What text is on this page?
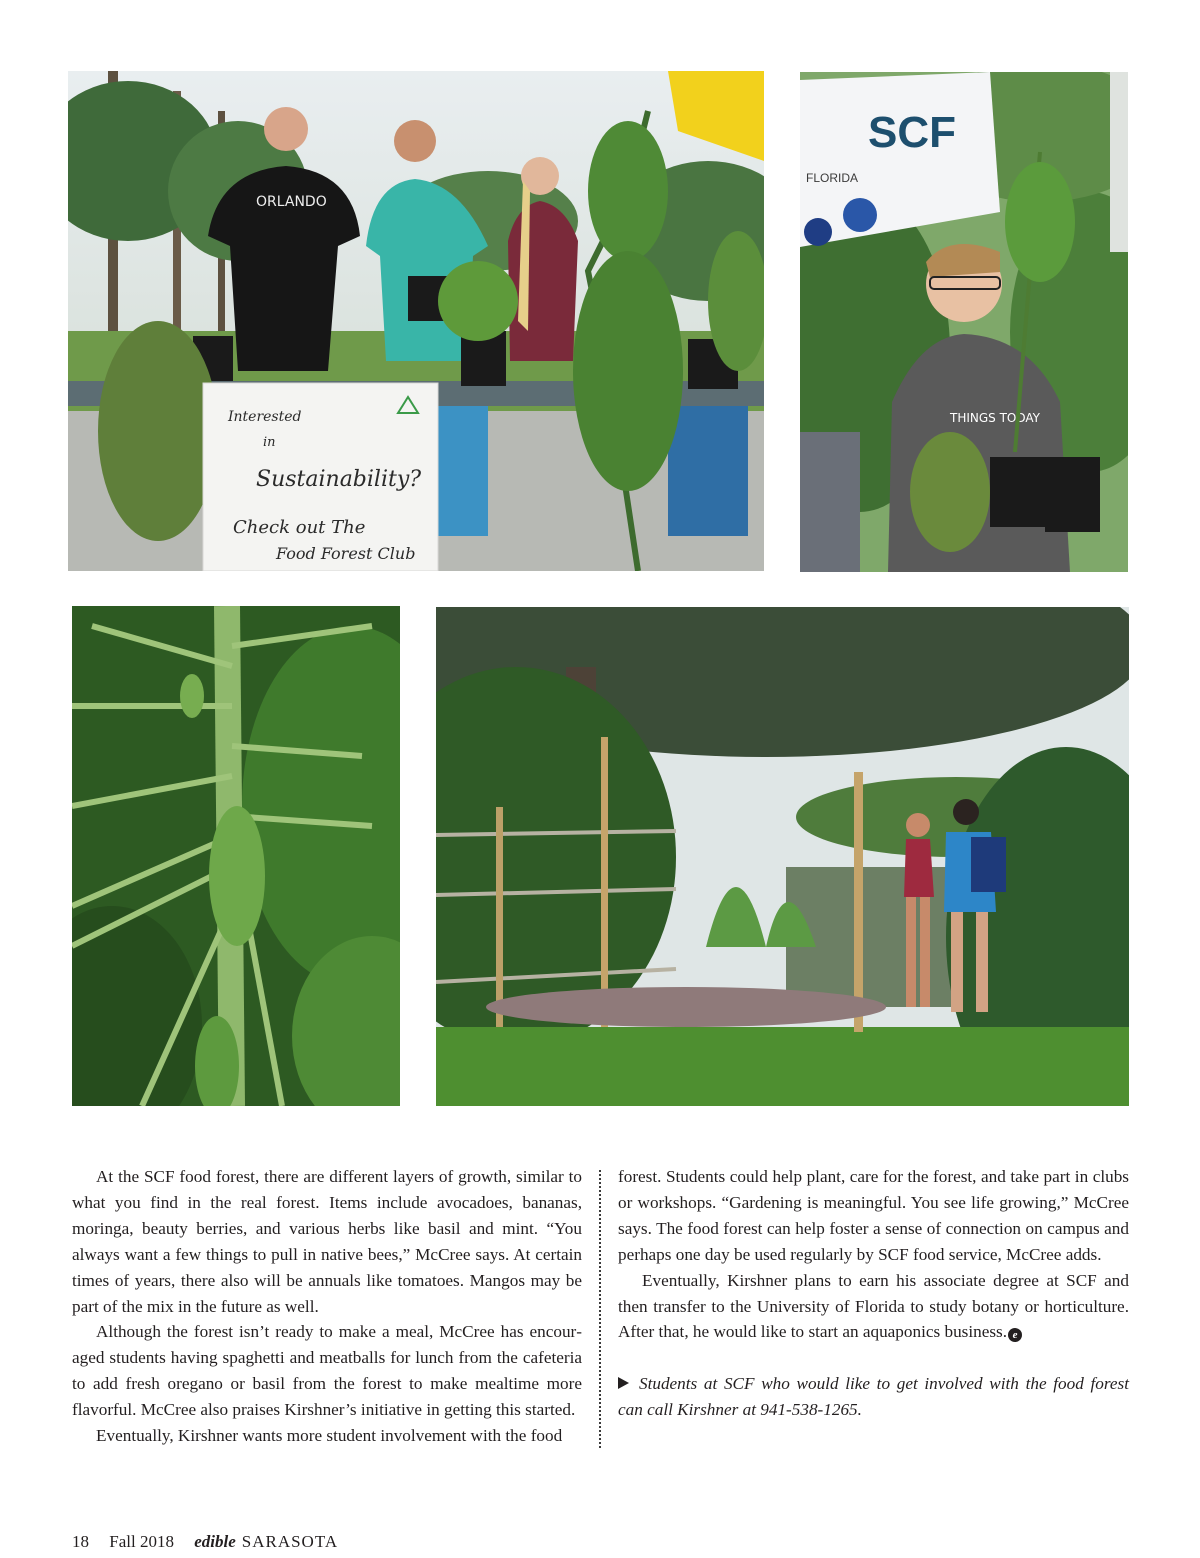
ORLANDO
Interested
in
Sustainability?
Check out The
Food Forest Club
SCF
FLORIDA
THINGS TODAY

At the SCF food forest, there are different layers of growth, similar to what you find in the real forest. Items include avocadoes, bananas, moringa, beauty berries, and various herbs like basil and mint. “You always want a few things to pull in native bees,” McCree says. At certain times of years, there also will be annuals like tomatoes. Mangos may be part of the mix in the future as well.

Although the forest isn’t ready to make a meal, McCree has encouraged students having spaghetti and meatballs for lunch from the cafeteria to add fresh oregano or basil from the forest to make mealtime more flavorful. McCree also praises Kirshner’s initiative in getting this started.

Eventually, Kirshner wants more student involvement with the food

forest. Students could help plant, care for the forest, and take part in clubs or workshops. “Gardening is meaningful. You see life growing,” McCree says. The food forest can help foster a sense of connection on campus and perhaps one day be used regularly by SCF food service, McCree adds.

Eventually, Kirshner plans to earn his associate degree at SCF and then transfer to the University of Florida to study botany or horticulture. After that, he would like to start an aquaponics business. e

Students at SCF who would like to get involved with the food forest can call Kirshner at 941-538-1265.

18 Fall 2018 edible SARASOTA
